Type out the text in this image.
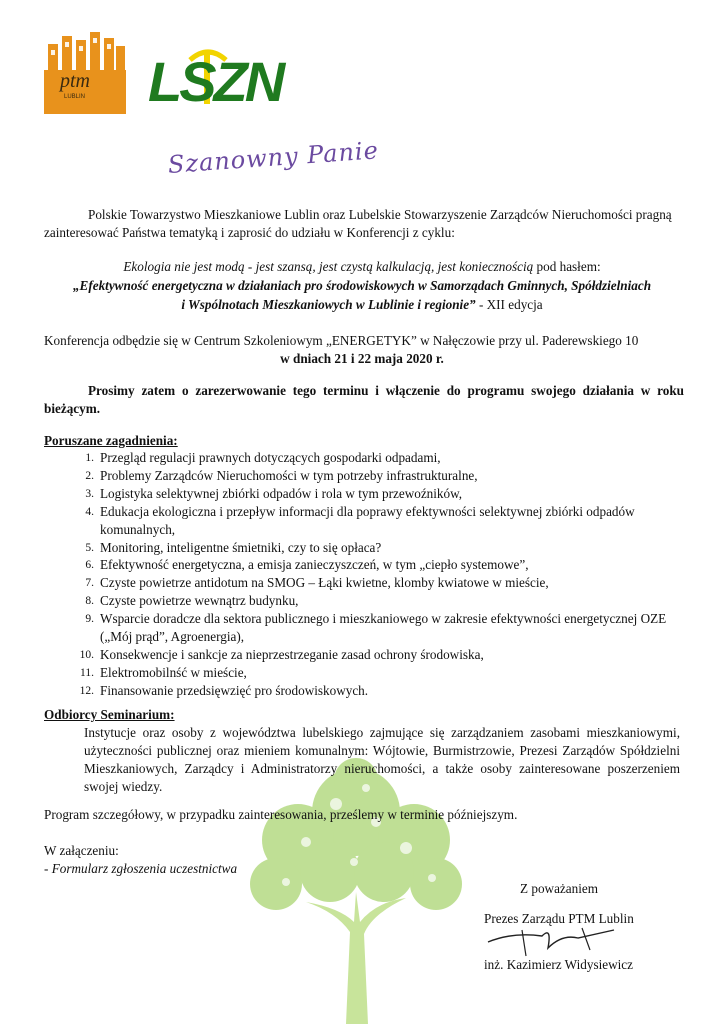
ptm
LUBLIN LSZN
Szanowny Panie
Polskie Towarzystwo Mieszkaniowe Lublin oraz Lubelskie Stowarzyszenie Zarządców Nieruchomości pragną
zainteresować Państwa tematyką i zaprosić do udziału w Konferencji z cyklu:
Ekologia nie jest modą - jest szansą, jest czystą kalkulacją, jest koniecznością pod hasłem:
„Efektywność energetyczna w działaniach pro środowiskowych w Samorządach Gminnych, Spółdzielniach
i Wspólnotach Mieszkaniowych w Lublinie i regionie” - XII edycja
Konferencja odbędzie się w Centrum Szkoleniowym „ENERGETYK” w Nałęczowie przy ul. Paderewskiego 10
w dniach 21 i 22 maja 2020 r.
Prosimy zatem o zarezerwowanie tego terminu i włączenie do programu swojego działania w roku
bieżącym.
Poruszane zagadnienia:
1. Przegląd regulacji prawnych dotyczących gospodarki odpadami,
2. Problemy Zarządców Nieruchomości w tym potrzeby infrastrukturalne,
3. Logistyka selektywnej zbiórki odpadów i rola w tym przewoźników,
4. Edukacja ekologiczna i przepływ informacji dla poprawy efektywności selektywnej zbiórki odpadów komunalnych,
5. Monitoring, inteligentne śmietniki, czy to się opłaca?
6. Efektywność energetyczna, a emisja zanieczyszczeń, w tym „ciepło systemowe”,
7. Czyste powietrze antidotum na SMOG – Łąki kwietne, klomby kwiatowe w mieście,
8. Czyste powietrze wewnątrz budynku,
9. Wsparcie doradcze dla sektora publicznego i mieszkaniowego w zakresie efektywności energetycznej OZE („Mój prąd”, Agroenergia),
10. Konsekwencje i sankcje za nieprzestrzeganie zasad ochrony środowiska,
11. Elektromobilnść w mieście,
12. Finansowanie przedsięwzięć pro środowiskowych.
Odbiorcy Seminarium:
Instytucje oraz osoby z województwa lubelskiego zajmujące się zarządzaniem zasobami mieszkaniowymi, użyteczności publicznej oraz mieniem komunalnym: Wójtowie, Burmistrzowie, Prezesi Zarządów Spółdzielni Mieszkaniowych, Zarządcy i Administratorzy nieruchomości, a także osoby zainteresowane poszerzeniem swojej wiedzy.
Program szczegółowy, w przypadku zainteresowania, prześlemy w terminie późniejszym.
W załączeniu:
- Formularz zgłoszenia uczestnictwa
Z poważaniem
Prezes Zarządu PTM Lublin
inż. Kazimierz Widysiewicz
